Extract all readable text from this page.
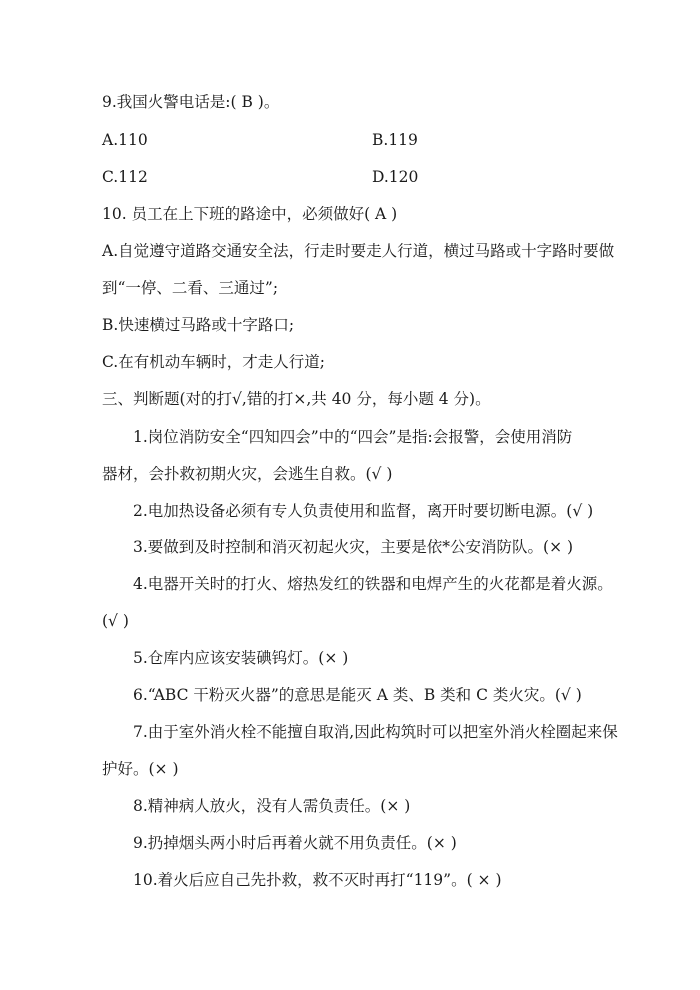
9.我国火警电话是:( B )。
A.110	B.119
C.112	D.120
10. 员工在上下班的路途中，必须做好( A )
A.自觉遵守道路交通安全法，行走时要走人行道，横过马路或十字路时要做
到“一停、二看、三通过”;
B.快速横过马路或十字路口;
C.在有机动车辆时，才走人行道;
三、判断题(对的打√,错的打×,共 40 分，每小题 4 分)。
1.岗位消防安全“四知四会”中的“四会”是指:会报警，会使用消防
器材，会扑救初期火灾，会逃生自救。(√ )
2.电加热设备必须有专人负责使用和监督，离开时要切断电源。(√ )
3.要做到及时控制和消灭初起火灾，主要是依*公安消防队。(× )
4.电器开关时的打火、熔热发红的铁器和电焊产生的火花都是着火源。
(√ )
5.仓库内应该安装碘钨灯。(× )
6.“ABC 干粉灭火器”的意思是能灭 A 类、B 类和 C 类火灾。(√ )
7.由于室外消火栓不能擅自取消,因此构筑时可以把室外消火栓圈起来保
护好。(× )
8.精神病人放火，没有人需负责任。(× )
9.扔掉烟头两小时后再着火就不用负责任。(× )
10.着火后应自己先扑救，救不灭时再打“119”。( × )
